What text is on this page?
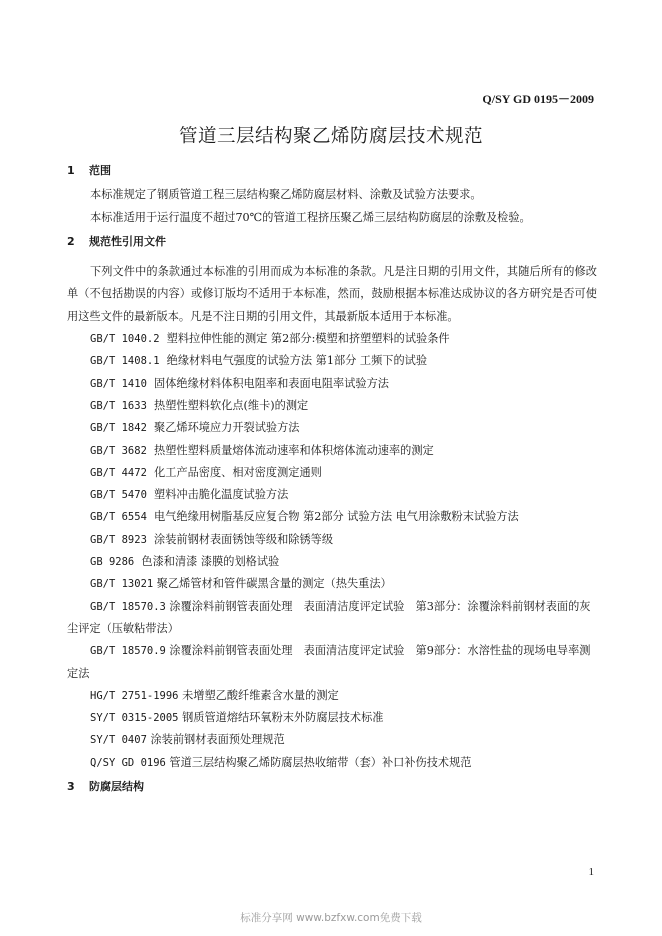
Q/SY GD 0195－2009
管道三层结构聚乙烯防腐层技术规范

1 范围

本标准规定了钢质管道工程三层结构聚乙烯防腐层材料、涂敷及试验方法要求。

本标准适用于运行温度不超过70℃的管道工程挤压聚乙烯三层结构防腐层的涂敷及检验。

2 规范性引用文件

下列文件中的条款通过本标准的引用而成为本标准的条款。凡是注日期的引用文件，其随后所有的修改单（不包括勘误的内容）或修订版均不适用于本标准，然而，鼓励根据本标准达成协议的各方研究是否可使用这些文件的最新版本。凡是不注日期的引用文件，其最新版本适用于本标准。

GB/T 1040.2 塑料拉伸性能的测定 第2部分:模塑和挤塑塑料的试验条件

GB/T 1408.1 绝缘材料电气强度的试验方法 第1部分 工频下的试验

GB/T 1410 固体绝缘材料体积电阻率和表面电阻率试验方法

GB/T 1633 热塑性塑料软化点(维卡)的测定

GB/T 1842 聚乙烯环境应力开裂试验方法

GB/T 3682 热塑性塑料质量熔体流动速率和体积熔体流动速率的测定

GB/T 4472 化工产品密度、相对密度测定通则

GB/T 5470 塑料冲击脆化温度试验方法

GB/T 6554 电气绝缘用树脂基反应复合物 第2部分 试验方法 电气用涂敷粉末试验方法

GB/T 8923 涂装前钢材表面锈蚀等级和除锈等级

GB 9286 色漆和清漆 漆膜的划格试验

GB/T 13021 聚乙烯管材和管件碳黑含量的测定（热失重法）

GB/T 18570.3 涂覆涂料前钢管表面处理　表面清洁度评定试验　第3部分：涂覆涂料前钢材表面的灰尘评定（压敏粘带法）

GB/T 18570.9 涂覆涂料前钢管表面处理　表面清洁度评定试验　第9部分：水溶性盐的现场电导率测定法

HG/T 2751-1996 未增塑乙酸纤维素含水量的测定

SY/T 0315-2005 钢质管道熔结环氧粉末外防腐层技术标准

SY/T 0407 涂装前钢材表面预处理规范

Q/SY GD 0196 管道三层结构聚乙烯防腐层热收缩带（套）补口补伤技术规范

3 防腐层结构

1
标准分享网 www.bzfxw.com免费下载
